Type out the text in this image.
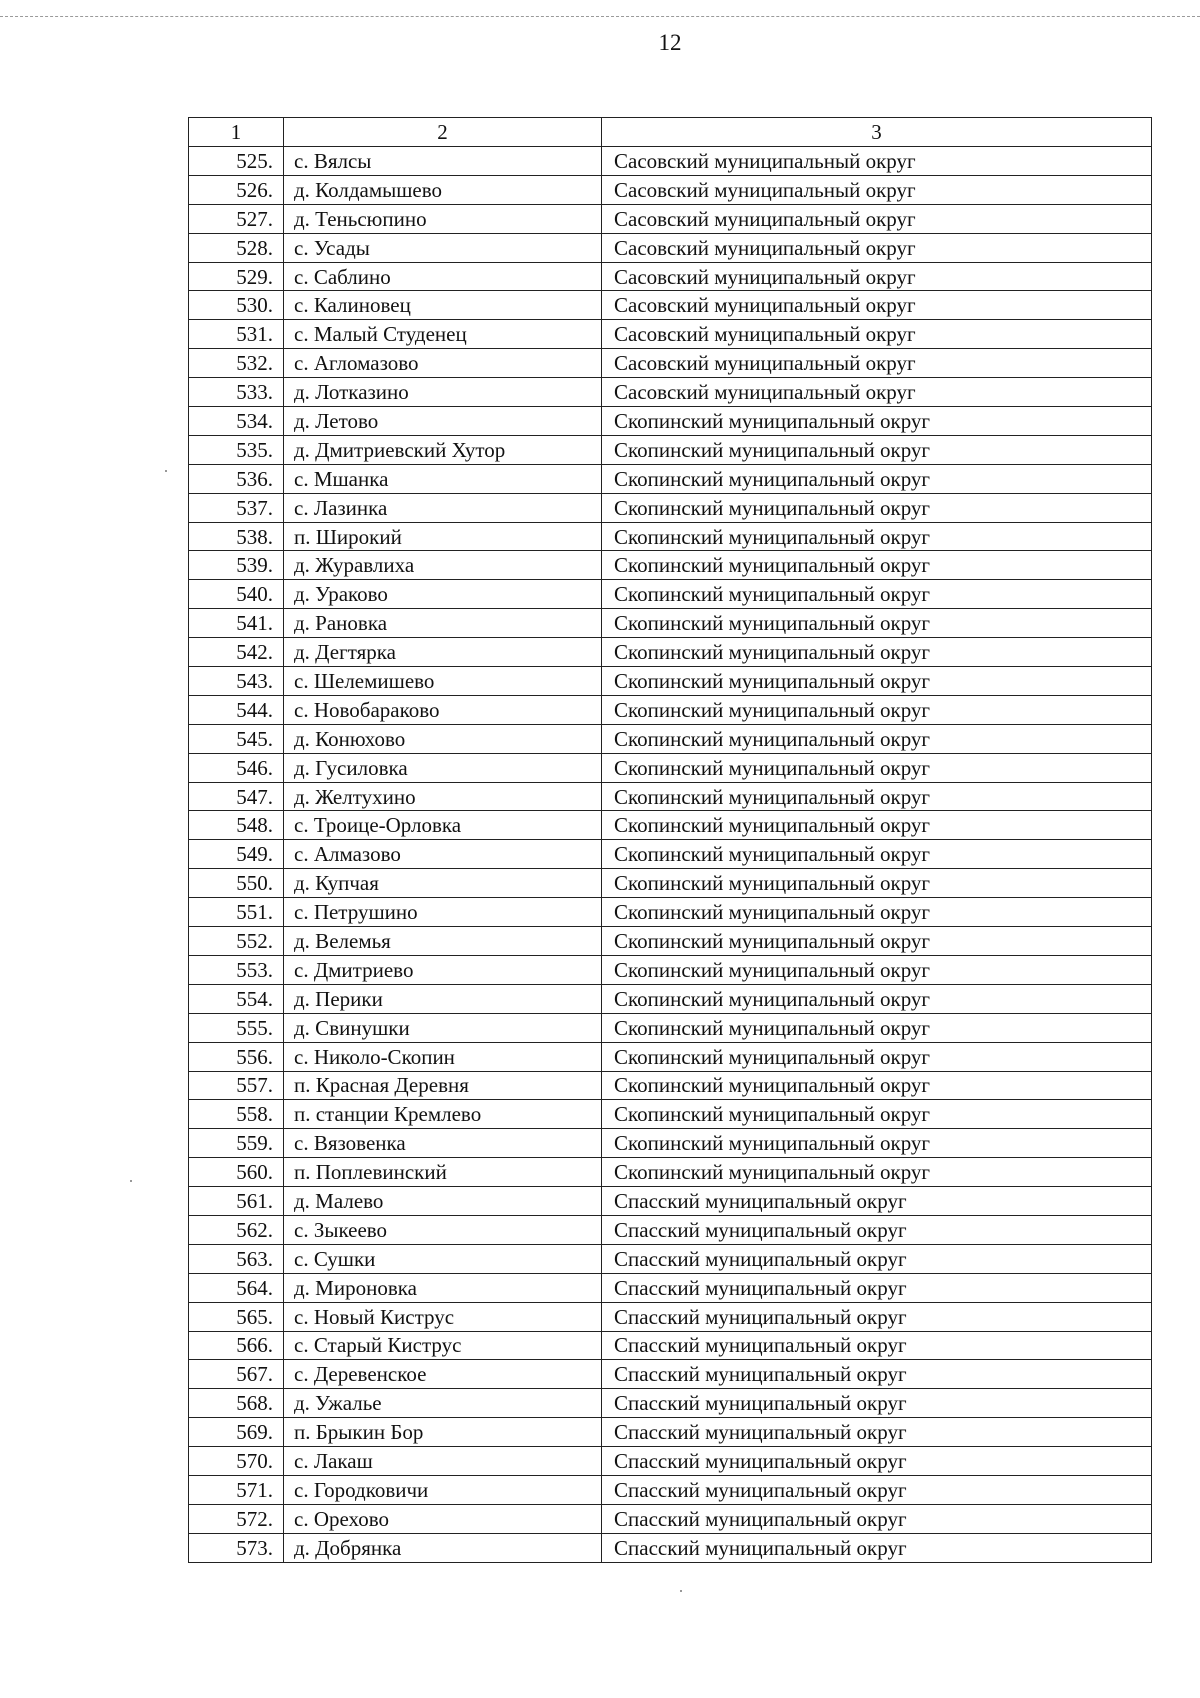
12
1	2	3
525.	с. Вялсы	Сасовский муниципальный округ
526.	д. Колдамышево	Сасовский муниципальный округ
527.	д. Теньсюпино	Сасовский муниципальный округ
528.	с. Усады	Сасовский муниципальный округ
529.	с. Саблино	Сасовский муниципальный округ
530.	с. Калиновец	Сасовский муниципальный округ
531.	с. Малый Студенец	Сасовский муниципальный округ
532.	с. Агломазово	Сасовский муниципальный округ
533.	д. Лотказино	Сасовский муниципальный округ
534.	д. Летово	Скопинский муниципальный округ
535.	д. Дмитриевский Хутор	Скопинский муниципальный округ
536.	с. Мшанка	Скопинский муниципальный округ
537.	с. Лазинка	Скопинский муниципальный округ
538.	п. Широкий	Скопинский муниципальный округ
539.	д. Журавлиха	Скопинский муниципальный округ
540.	д. Ураково	Скопинский муниципальный округ
541.	д. Рановка	Скопинский муниципальный округ
542.	д. Дегтярка	Скопинский муниципальный округ
543.	с. Шелемишево	Скопинский муниципальный округ
544.	с. Новобараково	Скопинский муниципальный округ
545.	д. Конюхово	Скопинский муниципальный округ
546.	д. Гусиловка	Скопинский муниципальный округ
547.	д. Желтухино	Скопинский муниципальный округ
548.	с. Троице-Орловка	Скопинский муниципальный округ
549.	с. Алмазово	Скопинский муниципальный округ
550.	д. Купчая	Скопинский муниципальный округ
551.	с. Петрушино	Скопинский муниципальный округ
552.	д. Велемья	Скопинский муниципальный округ
553.	с. Дмитриево	Скопинский муниципальный округ
554.	д. Перики	Скопинский муниципальный округ
555.	д. Свинушки	Скопинский муниципальный округ
556.	с. Николо-Скопин	Скопинский муниципальный округ
557.	п. Красная Деревня	Скопинский муниципальный округ
558.	п. станции Кремлево	Скопинский муниципальный округ
559.	с. Вязовенка	Скопинский муниципальный округ
560.	п. Поплевинский	Скопинский муниципальный округ
561.	д. Малево	Спасский муниципальный округ
562.	с. Зыкеево	Спасский муниципальный округ
563.	с. Сушки	Спасский муниципальный округ
564.	д. Мироновка	Спасский муниципальный округ
565.	с. Новый Киструс	Спасский муниципальный округ
566.	с. Старый Киструс	Спасский муниципальный округ
567.	с. Деревенское	Спасский муниципальный округ
568.	д. Ужалье	Спасский муниципальный округ
569.	п. Брыкин Бор	Спасский муниципальный округ
570.	с. Лакаш	Спасский муниципальный округ
571.	с. Городковичи	Спасский муниципальный округ
572.	с. Орехово	Спасский муниципальный округ
573.	д. Добрянка	Спасский муниципальный округ
